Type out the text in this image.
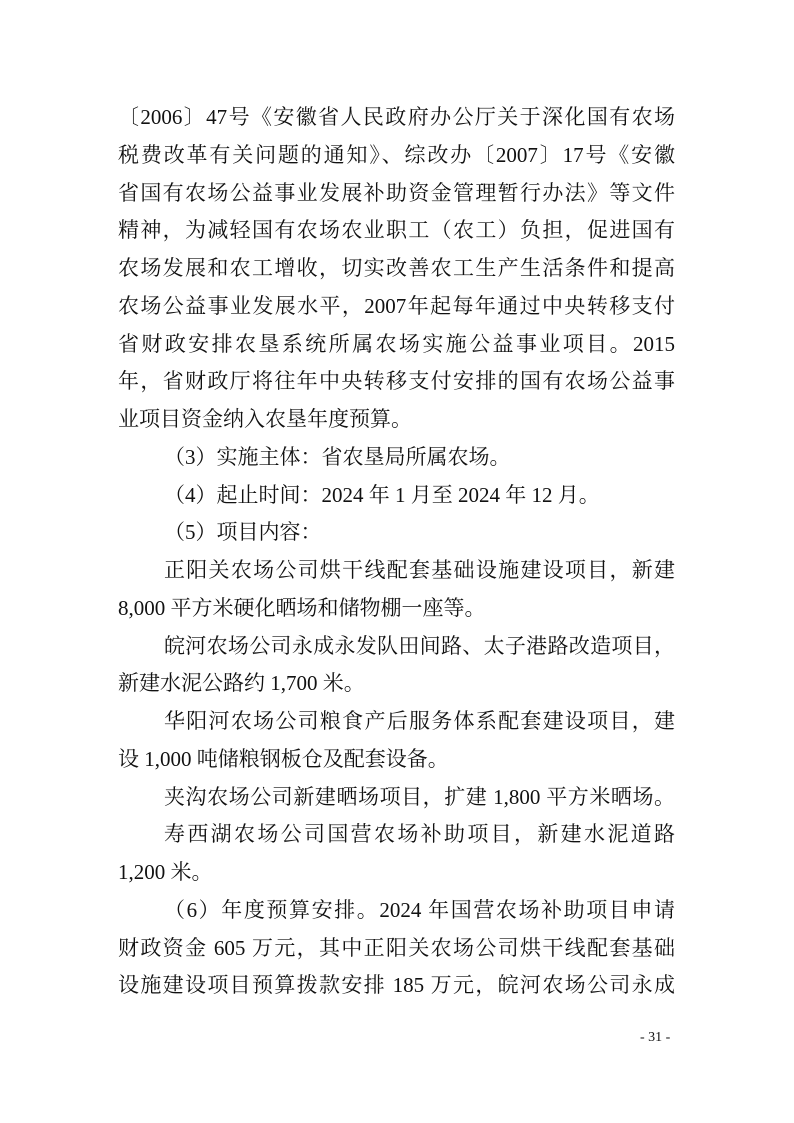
〔2006〕47号《安徽省人民政府办公厅关于深化国有农场
税费改革有关问题的通知》、综改办〔2007〕17号《安徽
省国有农场公益事业发展补助资金管理暂行办法》等文件
精神，为减轻国有农场农业职工（农工）负担，促进国有
农场发展和农工增收，切实改善农工生产生活条件和提高
农场公益事业发展水平，2007年起每年通过中央转移支付
省财政安排农垦系统所属农场实施公益事业项目。2015
年，省财政厅将往年中央转移支付安排的国有农场公益事
业项目资金纳入农垦年度预算。
（3）实施主体：省农垦局所属农场。
（4）起止时间：2024 年 1 月至 2024 年 12 月。
（5）项目内容：
正阳关农场公司烘干线配套基础设施建设项目，新建
8,000 平方米硬化晒场和储物棚一座等。
皖河农场公司永成永发队田间路、太子港路改造项目，
新建水泥公路约 1,700 米。
华阳河农场公司粮食产后服务体系配套建设项目，建
设 1,000 吨储粮钢板仓及配套设备。
夹沟农场公司新建晒场项目，扩建 1,800 平方米晒场。
寿西湖农场公司国营农场补助项目，新建水泥道路
1,200 米。
（6）年度预算安排。2024 年国营农场补助项目申请
财政资金 605 万元，其中正阳关农场公司烘干线配套基础
设施建设项目预算拨款安排 185 万元，皖河农场公司永成
- 31 -
